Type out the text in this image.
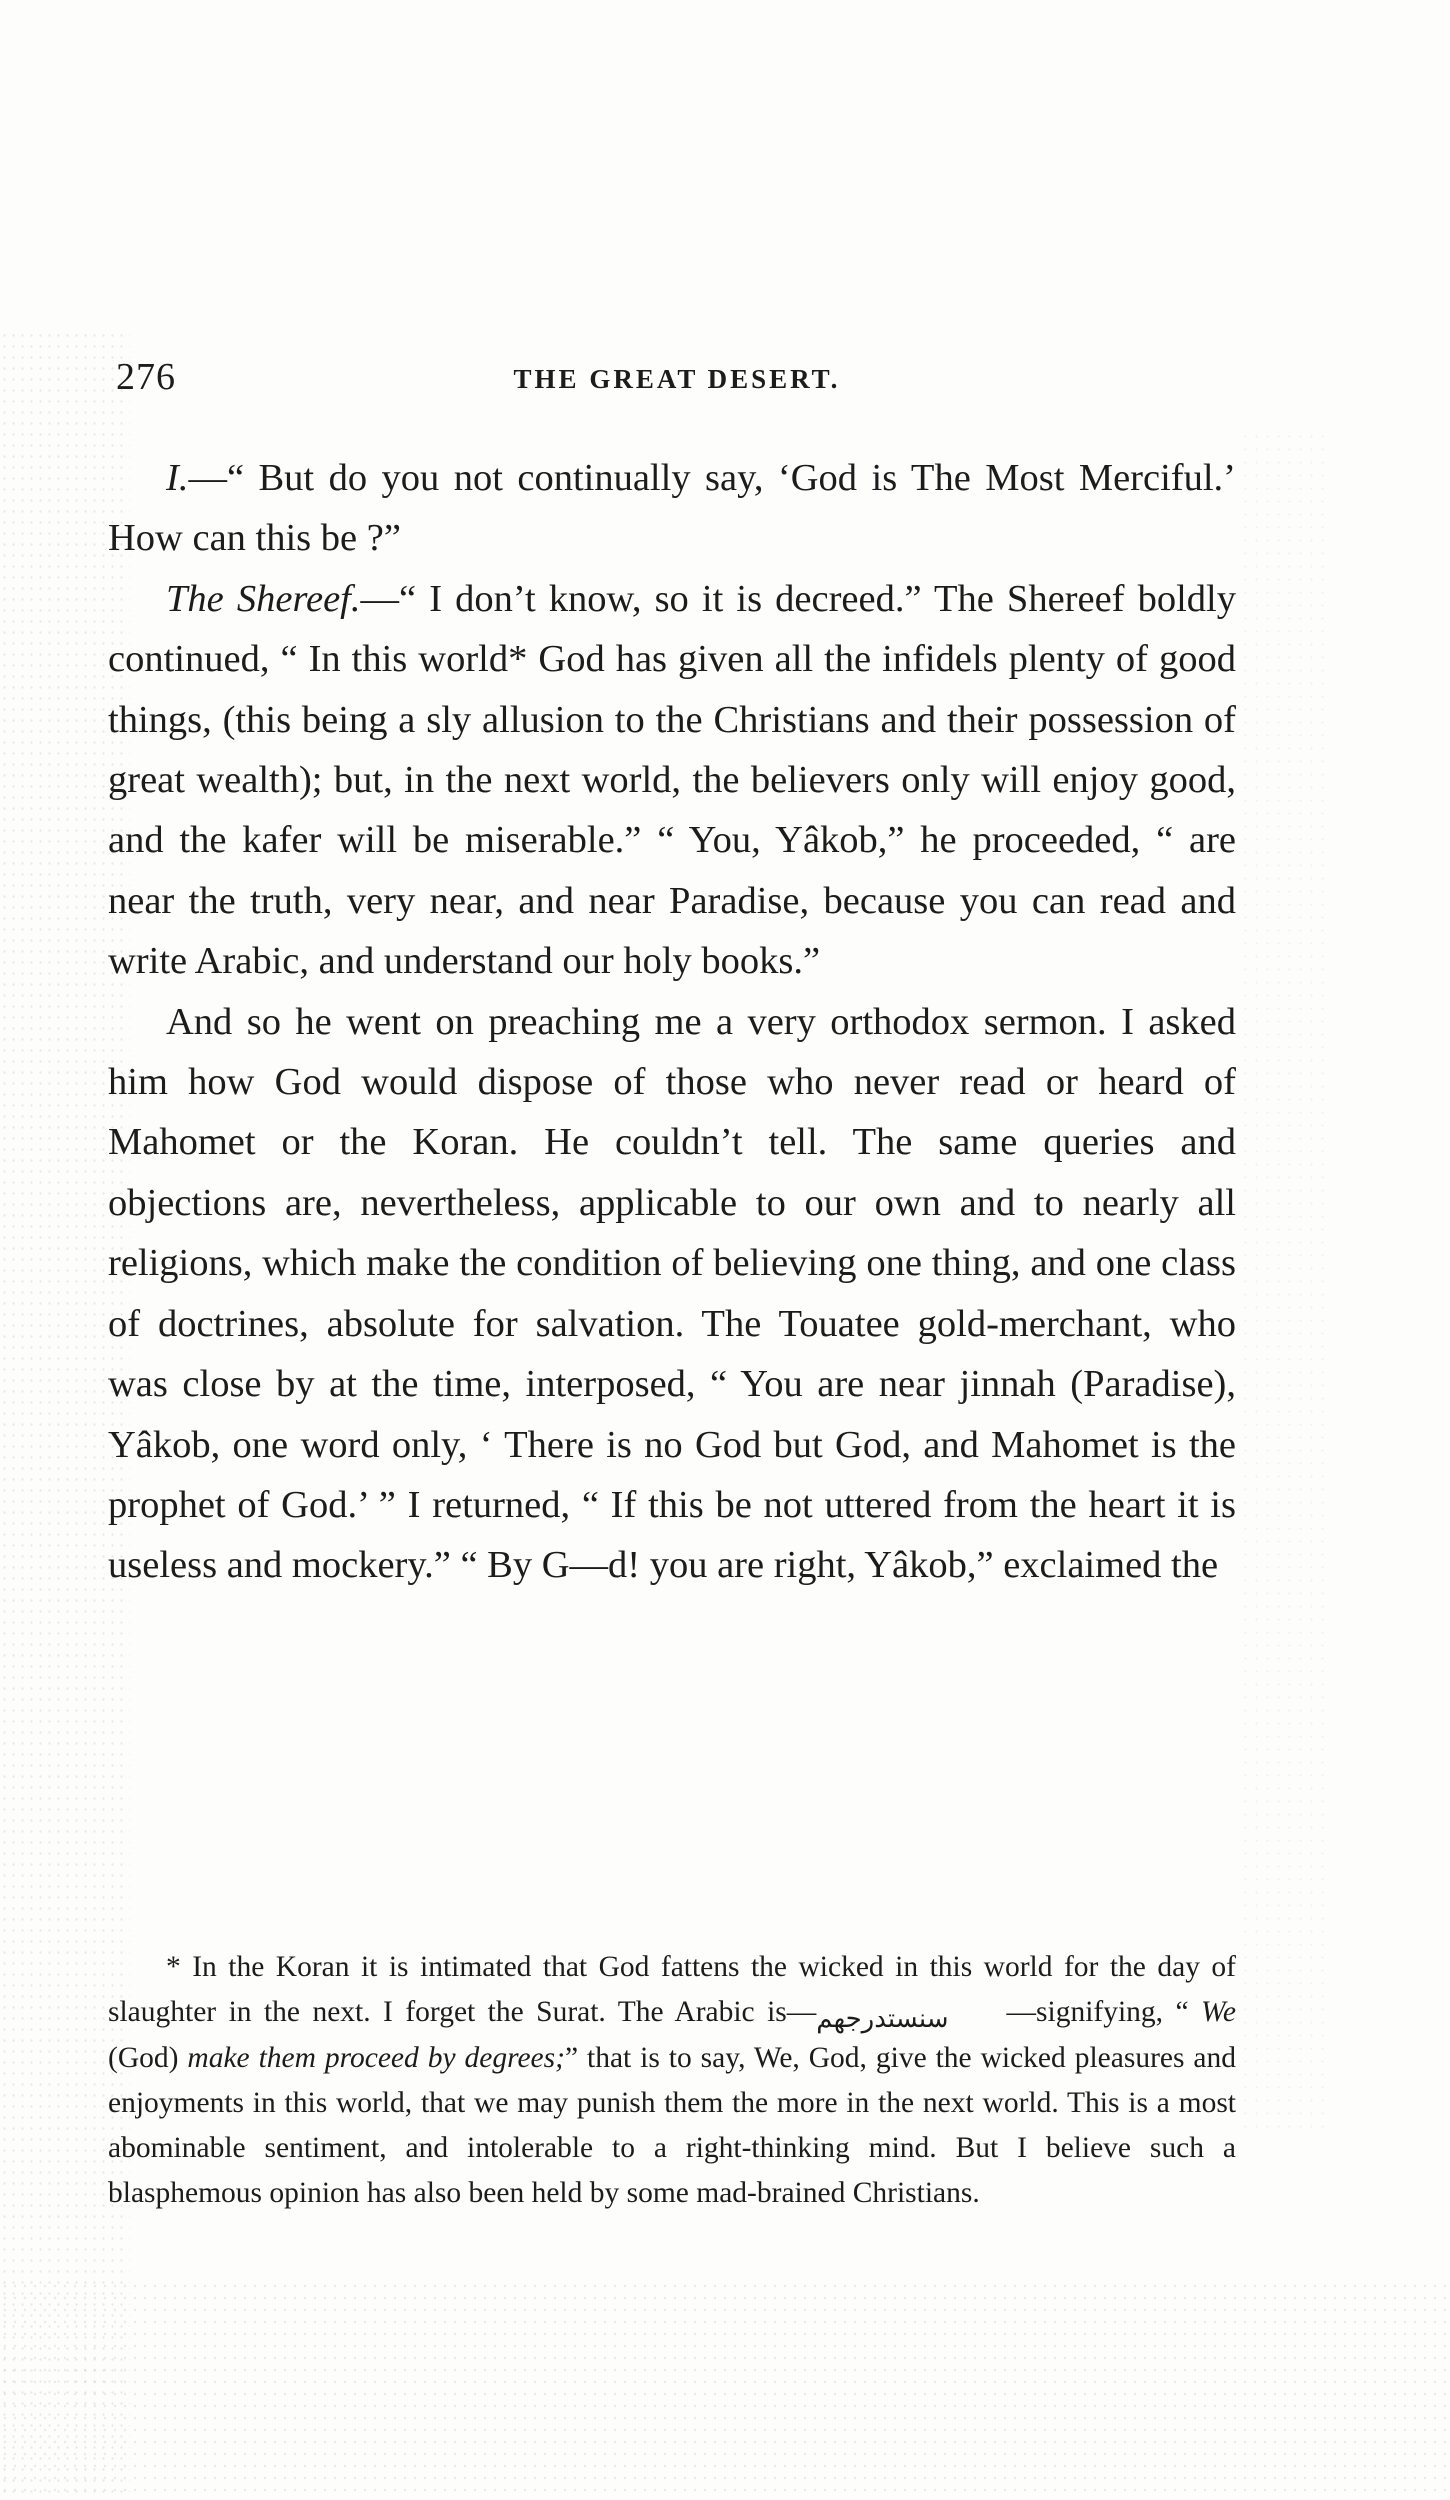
276	THE GREAT DESERT.

I.—“ But do you not continually say, ‘God is The Most Merciful.’ How can this be ?”

The Shereef.—“ I don’t know, so it is decreed.” The Shereef boldly continued, “ In this world* God has given all the infidels plenty of good things, (this being a sly allusion to the Christians and their possession of great wealth); but, in the next world, the believers only will enjoy good, and the kafer will be miserable.” “ You, Yâkob,” he proceeded, “ are near the truth, very near, and near Paradise, because you can read and write Arabic, and understand our holy books.”

And so he went on preaching me a very orthodox sermon. I asked him how God would dispose of those who never read or heard of Mahomet or the Koran. He couldn’t tell. The same queries and objections are, nevertheless, applicable to our own and to nearly all religions, which make the condition of believing one thing, and one class of doctrines, absolute for salvation. The Touatee gold-merchant, who was close by at the time, interposed, “ You are near jinnah (Paradise), Yâkob, one word only, ‘ There is no God but God, and Mahomet is the prophet of God.’ ” I returned, “ If this be not uttered from the heart it is useless and mockery.” “ By G—d! you are right, Yâkob,” exclaimed the

* In the Koran it is intimated that God fattens the wicked in this world for the day of slaughter in the next. I forget the Surat. The Arabic is—سنستدرجهم —signifying, “ We (God) make them proceed by degrees;” that is to say, We, God, give the wicked pleasures and enjoyments in this world, that we may punish them the more in the next world. This is a most abominable sentiment, and intolerable to a right-thinking mind. But I believe such a blasphemous opinion has also been held by some mad-brained Christians.
